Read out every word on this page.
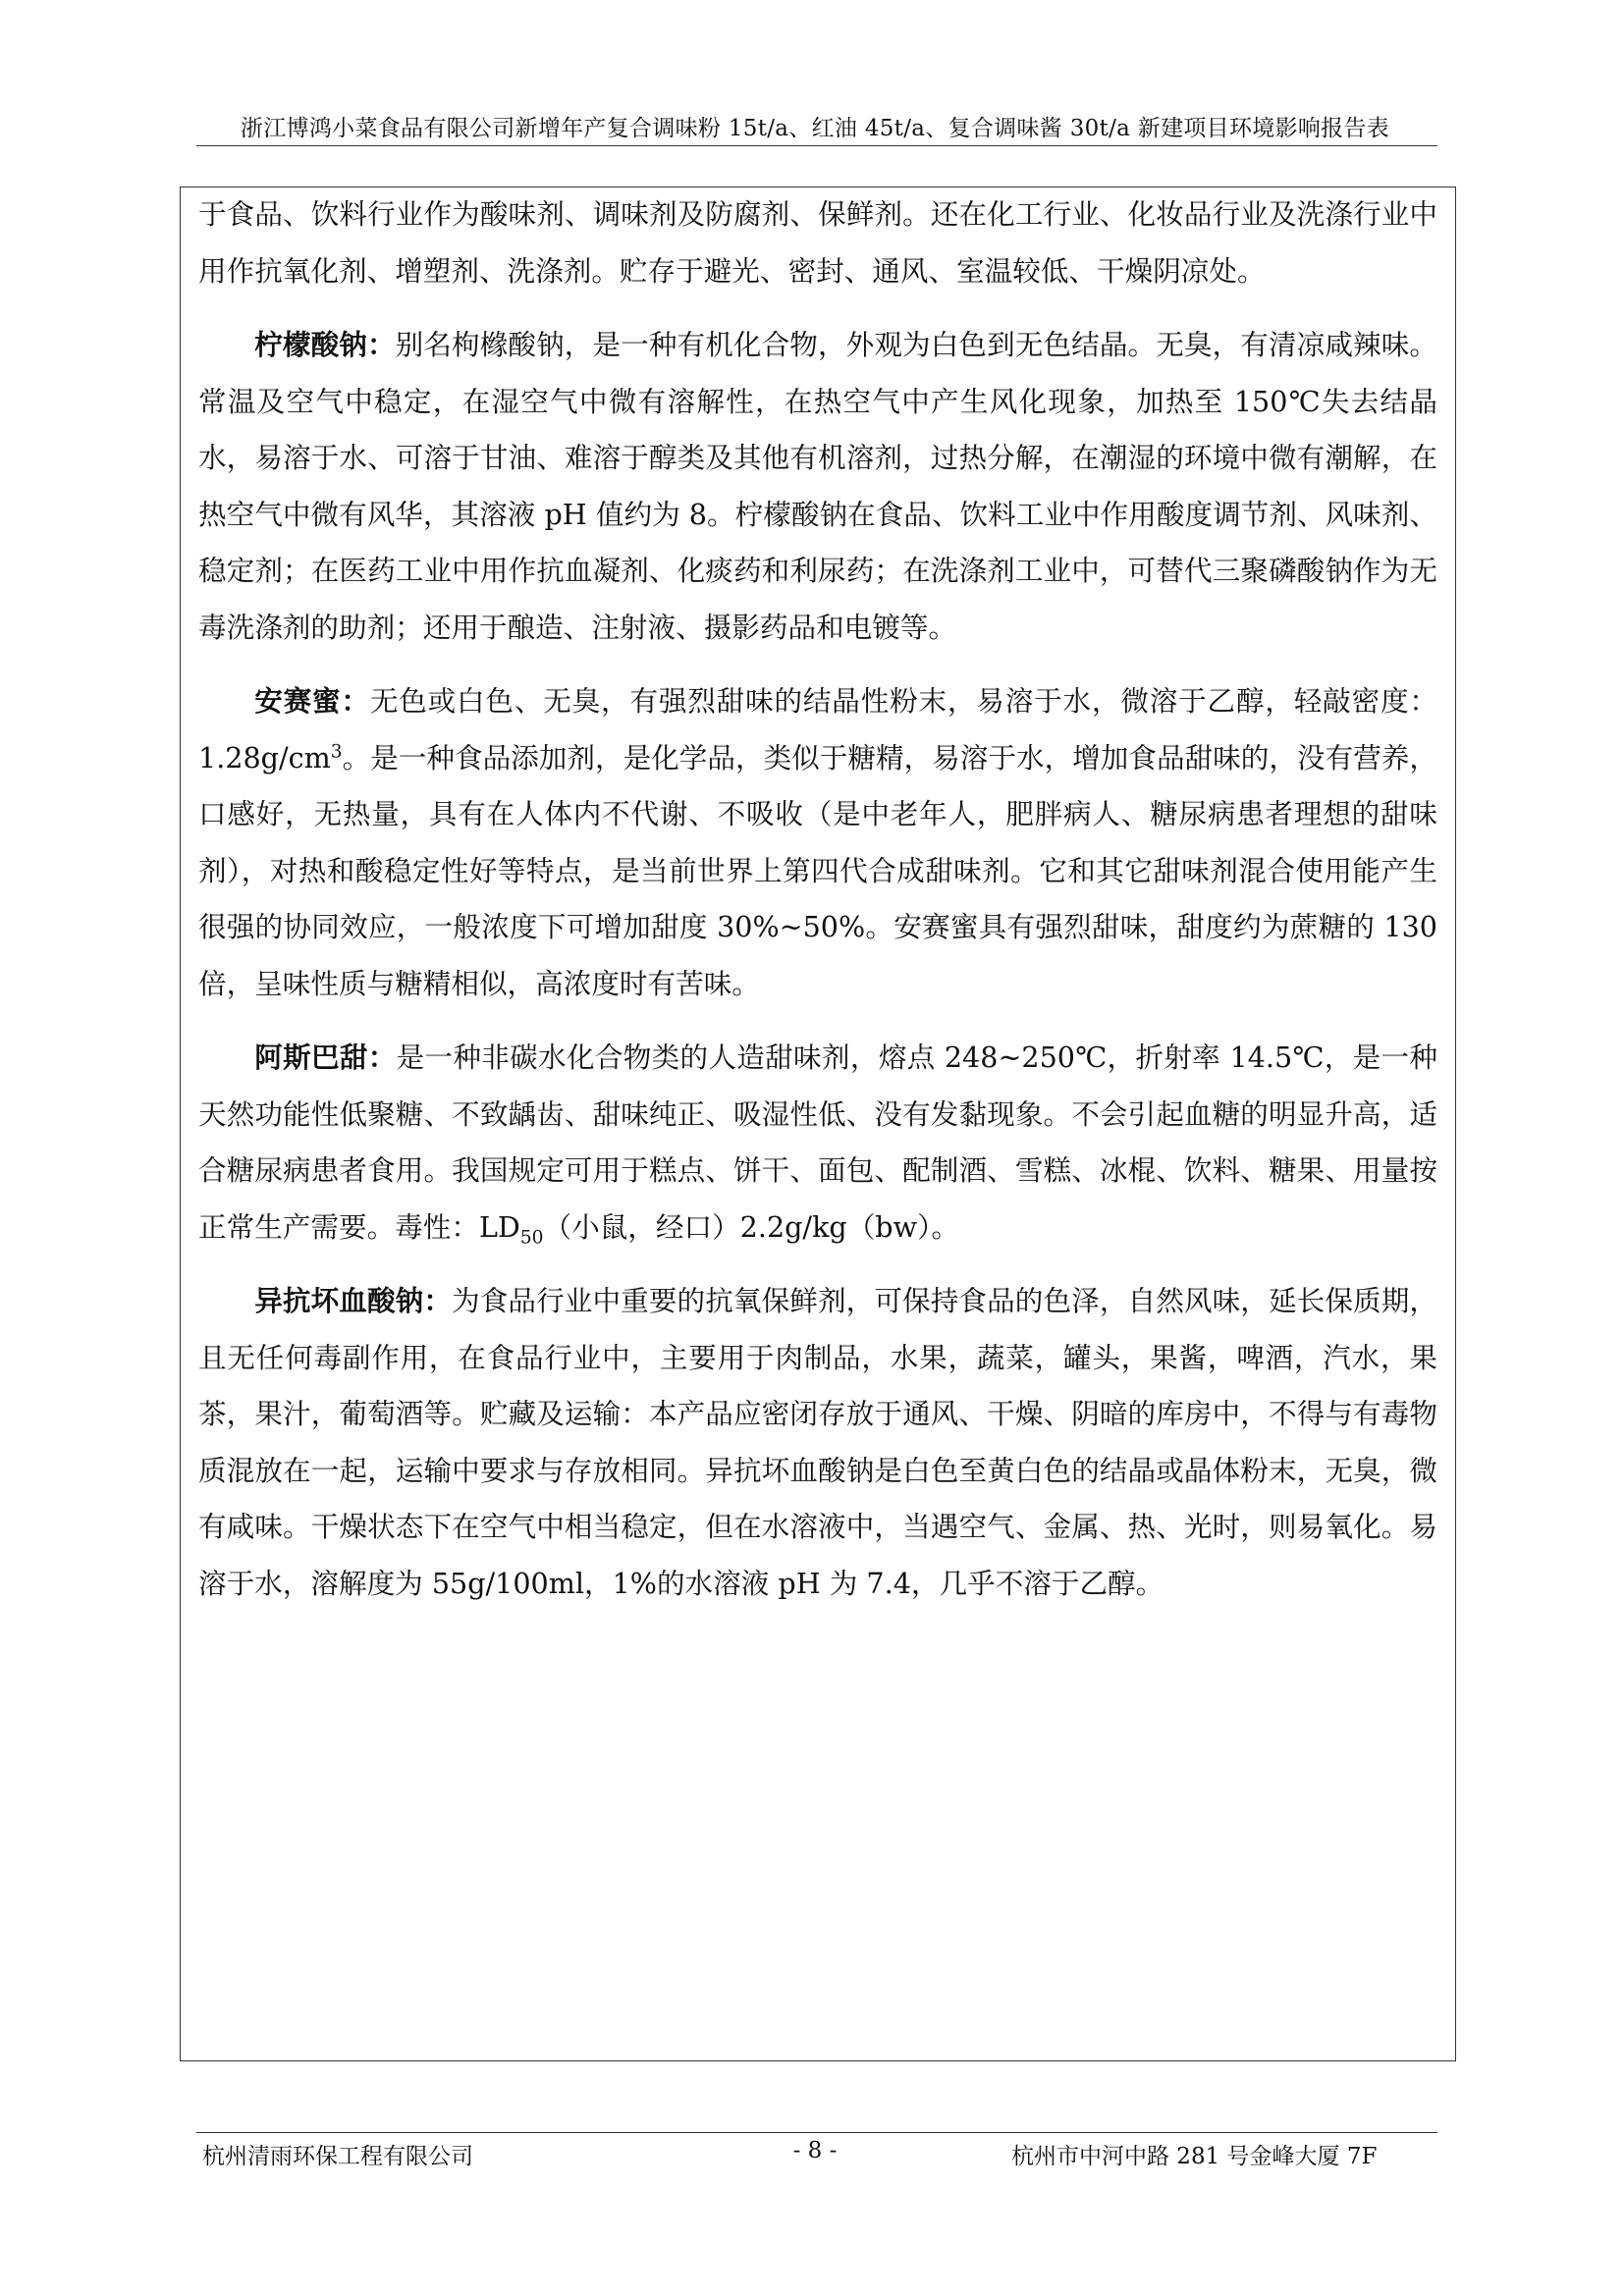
浙江博鸿小菜食品有限公司新增年产复合调味粉 15t/a、红油 45t/a、复合调味酱 30t/a 新建项目环境影响报告表

于食品、饮料行业作为酸味剂、调味剂及防腐剂、保鲜剂。还在化工行业、化妆品行业及洗涤行业中用作抗氧化剂、增塑剂、洗涤剂。贮存于避光、密封、通风、室温较低、干燥阴凉处。

柠檬酸钠：别名枸橼酸钠，是一种有机化合物，外观为白色到无色结晶。无臭，有清凉咸辣味。常温及空气中稳定，在湿空气中微有溶解性，在热空气中产生风化现象，加热至 150℃失去结晶水，易溶于水、可溶于甘油、难溶于醇类及其他有机溶剂，过热分解，在潮湿的环境中微有潮解，在热空气中微有风华，其溶液 pH 值约为 8。柠檬酸钠在食品、饮料工业中作用酸度调节剂、风味剂、稳定剂；在医药工业中用作抗血凝剂、化痰药和利尿药；在洗涤剂工业中，可替代三聚磷酸钠作为无毒洗涤剂的助剂；还用于酿造、注射液、摄影药品和电镀等。

安赛蜜：无色或白色、无臭，有强烈甜味的结晶性粉末，易溶于水，微溶于乙醇，轻敲密度：$1.28g/cm^3$。是一种食品添加剂，是化学品，类似于糖精，易溶于水，增加食品甜味的，没有营养，口感好，无热量，具有在人体内不代谢、不吸收（是中老年人，肥胖病人、糖尿病患者理想的甜味剂），对热和酸稳定性好等特点，是当前世界上第四代合成甜味剂。它和其它甜味剂混合使用能产生很强的协同效应，一般浓度下可增加甜度 30%~50%。安赛蜜具有强烈甜味，甜度约为蔗糖的 130 倍，呈味性质与糖精相似，高浓度时有苦味。

阿斯巴甜：是一种非碳水化合物类的人造甜味剂，熔点 248~250℃，折射率 14.5℃，是一种天然功能性低聚糖、不致龋齿、甜味纯正、吸湿性低、没有发黏现象。不会引起血糖的明显升高，适合糖尿病患者食用。我国规定可用于糕点、饼干、面包、配制酒、雪糕、冰棍、饮料、糖果、用量按正常生产需要。毒性：$LD_{50}$（小鼠，经口）2.2g/kg（bw）。

异抗坏血酸钠：为食品行业中重要的抗氧保鲜剂，可保持食品的色泽，自然风味，延长保质期，且无任何毒副作用，在食品行业中，主要用于肉制品，水果，蔬菜，罐头，果酱，啤酒，汽水，果茶，果汁，葡萄酒等。贮藏及运输：本产品应密闭存放于通风、干燥、阴暗的库房中，不得与有毒物质混放在一起，运输中要求与存放相同。异抗坏血酸钠是白色至黄白色的结晶或晶体粉末，无臭，微有咸味。干燥状态下在空气中相当稳定，但在水溶液中，当遇空气、金属、热、光时，则易氧化。易溶于水，溶解度为 55g/100ml，1%的水溶液 pH 为 7.4，几乎不溶于乙醇。

杭州清雨环保工程有限公司	- 8 -	杭州市中河中路 281 号金峰大厦 7F
